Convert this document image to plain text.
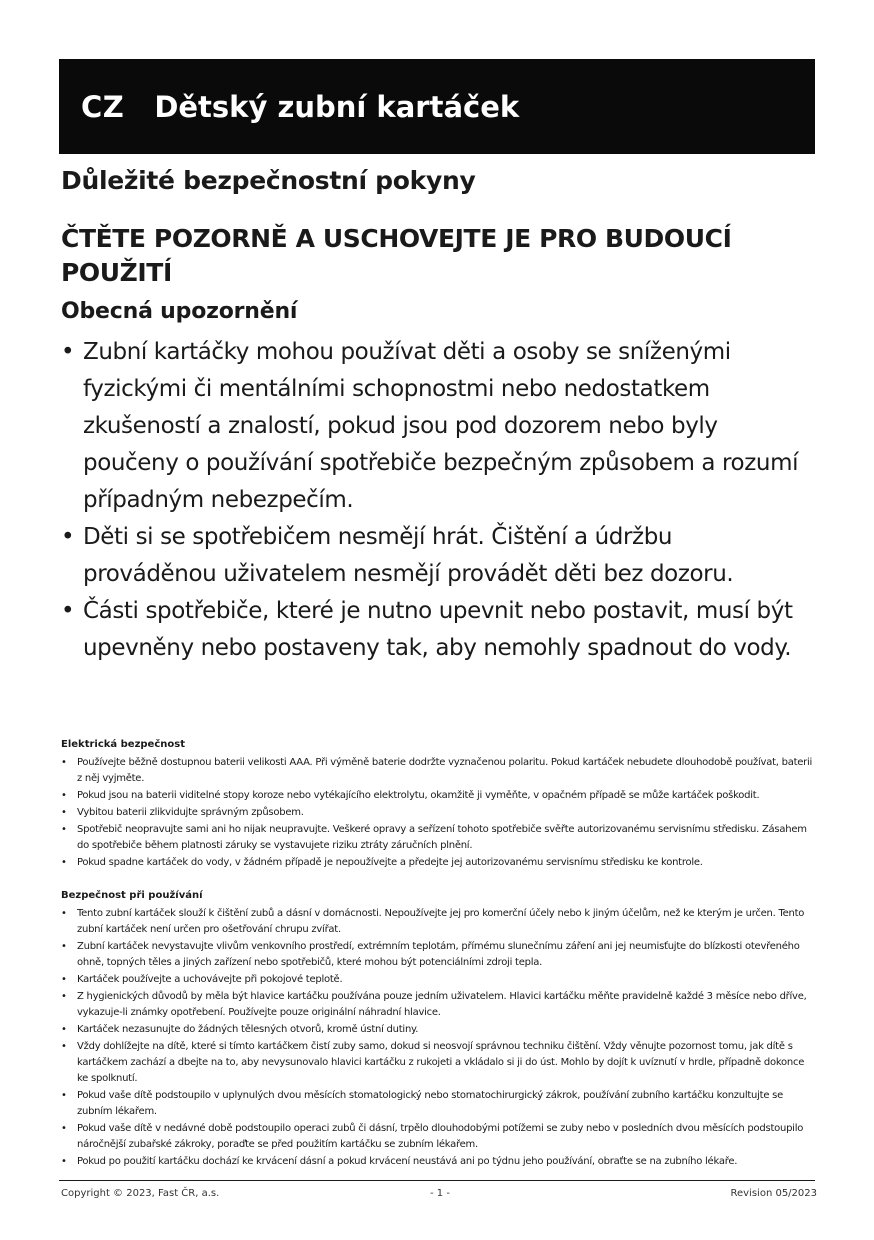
CZ Dětský zubní kartáček
Důležité bezpečnostní pokyny
ČTĚTE POZORNĚ A USCHOVEJTE JE PRO BUDOUCÍ POUŽITÍ
Obecná upozornění
• Zubní kartáčky mohou používat děti a osoby se sníženými fyzickými či mentálními schopnostmi nebo nedostatkem zkušeností a znalostí, pokud jsou pod dozorem nebo byly poučeny o používání spotřebiče bezpečným způsobem a rozumí případným nebezpečím.
• Děti si se spotřebičem nesmějí hrát. Čištění a údržbu prováděnou uživatelem nesmějí provádět děti bez dozoru.
• Části spotřebiče, které je nutno upevnit nebo postavit, musí být upevněny nebo postaveny tak, aby nemohly spadnout do vody.
Elektrická bezpečnost
• Používejte běžně dostupnou baterii velikosti AAA. Při výměně baterie dodržte vyznačenou polaritu. Pokud kartáček nebudete dlouhodobě používat, baterii z něj vyjměte.
• Pokud jsou na baterii viditelné stopy koroze nebo vytékajícího elektrolytu, okamžitě ji vyměňte, v opačném případě se může kartáček poškodit.
• Vybitou baterii zlikvidujte správným způsobem.
• Spotřebič neopravujte sami ani ho nijak neupravujte. Veškeré opravy a seřízení tohoto spotřebiče svěřte autorizovanému servisnímu středisku. Zásahem do spotřebiče během platnosti záruky se vystavujete riziku ztráty záručních plnění.
• Pokud spadne kartáček do vody, v žádném případě je nepoužívejte a předejte jej autorizovanému servisnímu středisku ke kontrole.
Bezpečnost při používání
• Tento zubní kartáček slouží k čištění zubů a dásní v domácnosti. Nepoužívejte jej pro komerční účely nebo k jiným účelům, než ke kterým je určen. Tento zubní kartáček není určen pro ošetřování chrupu zvířat.
• Zubní kartáček nevystavujte vlivům venkovního prostředí, extrémním teplotám, přímému slunečnímu záření ani jej neumisťujte do blízkosti otevřeného ohně, topných těles a jiných zařízení nebo spotřebičů, které mohou být potenciálními zdroji tepla.
• Kartáček používejte a uchovávejte při pokojové teplotě.
• Z hygienických důvodů by měla být hlavice kartáčku používána pouze jedním uživatelem. Hlavici kartáčku měňte pravidelně každé 3 měsíce nebo dříve, vykazuje-li známky opotřebení. Používejte pouze originální náhradní hlavice.
• Kartáček nezasunujte do žádných tělesných otvorů, kromě ústní dutiny.
• Vždy dohlížejte na dítě, které si tímto kartáčkem čistí zuby samo, dokud si neosvojí správnou techniku čištění. Vždy věnujte pozornost tomu, jak dítě s kartáčkem zachází a dbejte na to, aby nevysunovalo hlavici kartáčku z rukojeti a vkládalo si ji do úst. Mohlo by dojít k uvíznutí v hrdle, případně dokonce ke spolknutí.
• Pokud vaše dítě podstoupilo v uplynulých dvou měsících stomatologický nebo stomatochirurgický zákrok, používání zubního kartáčku konzultujte se zubním lékařem.
• Pokud vaše dítě v nedávné době podstoupilo operaci zubů či dásní, trpělo dlouhodobými potížemi se zuby nebo v posledních dvou měsících podstoupilo náročnější zubařské zákroky, poraďte se před použitím kartáčku se zubním lékařem.
• Pokud po použití kartáčku dochází ke krvácení dásní a pokud krvácení neustává ani po týdnu jeho používání, obraťte se na zubního lékaře.
Copyright © 2023, Fast ČR, a.s.	- 1 -	Revision 05/2023
